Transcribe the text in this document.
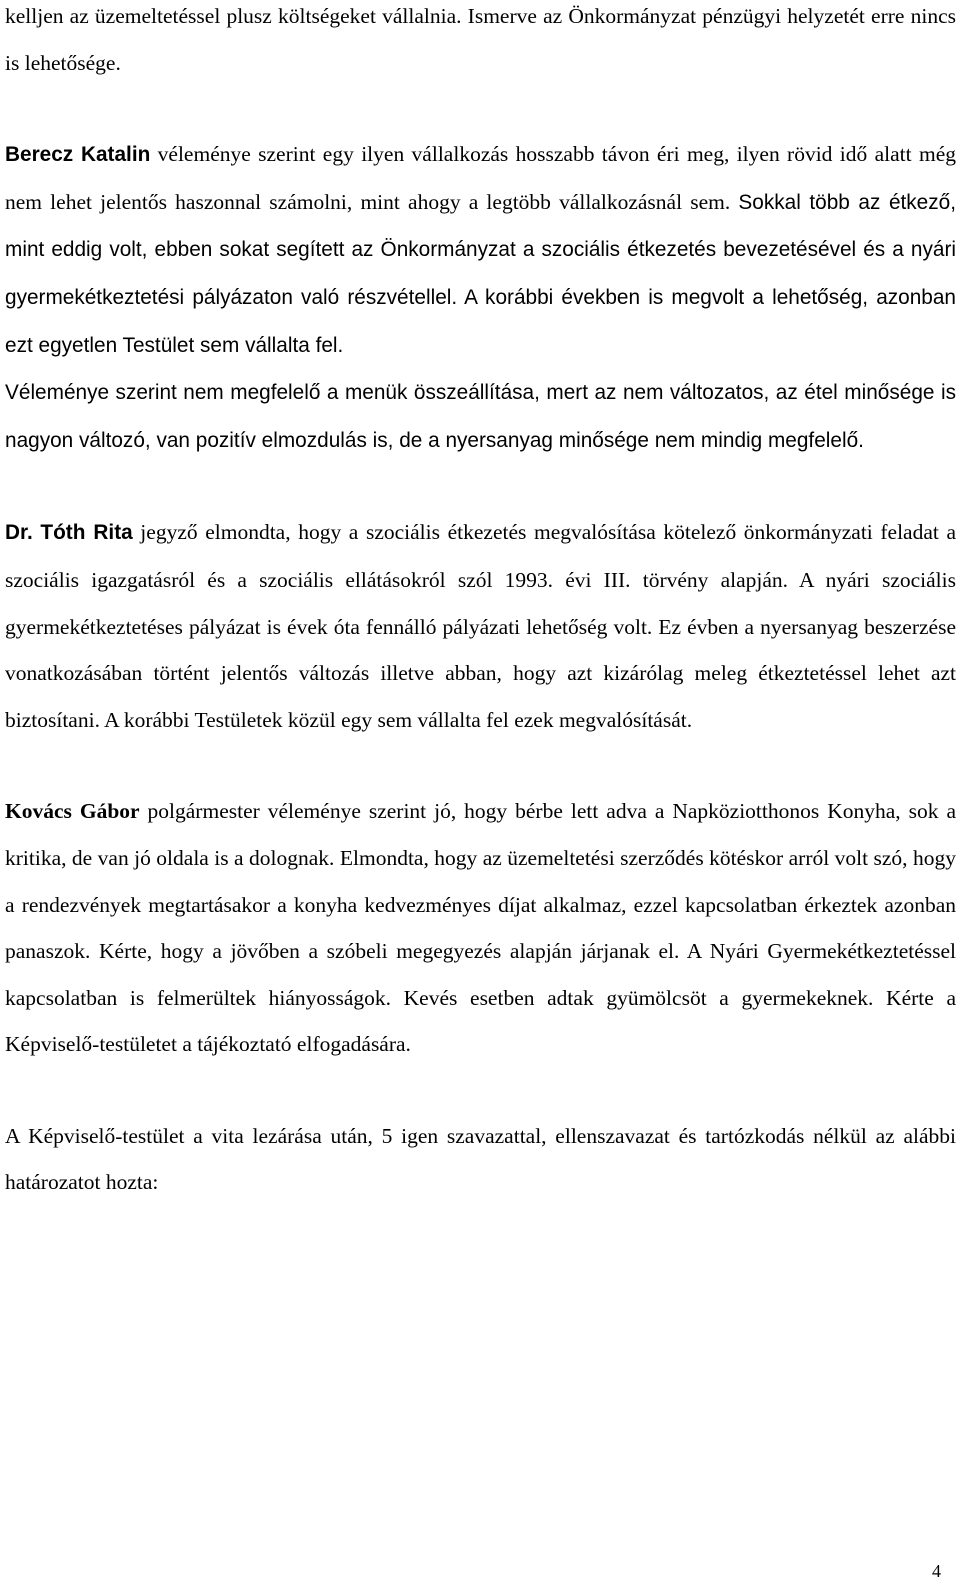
kelljen az üzemeltetéssel plusz költségeket vállalnia. Ismerve az Önkormányzat pénzügyi helyzetét erre nincs is lehetősége.

Berecz Katalin véleménye szerint egy ilyen vállalkozás hosszabb távon éri meg, ilyen rövid idő alatt még nem lehet jelentős haszonnal számolni, mint ahogy a legtöbb vállalkozásnál sem. Sokkal több az étkező, mint eddig volt, ebben sokat segített az Önkormányzat a szociális étkezetés bevezetésével és a nyári gyermekétkeztetési pályázaton való részvétellel. A korábbi években is megvolt a lehetőség, azonban ezt egyetlen Testület sem vállalta fel.

Véleménye szerint nem megfelelő a menük összeállítása, mert az nem változatos, az étel minősége is nagyon változó, van pozitív elmozdulás is, de a nyersanyag minősége nem mindig megfelelő.

Dr. Tóth Rita jegyző elmondta, hogy a szociális étkezetés megvalósítása kötelező önkormányzati feladat a szociális igazgatásról és a szociális ellátásokról szól 1993. évi III. törvény alapján. A nyári szociális gyermekétkeztetéses pályázat is évek óta fennálló pályázati lehetőség volt. Ez évben a nyersanyag beszerzése vonatkozásában történt jelentős változás illetve abban, hogy azt kizárólag meleg étkeztetéssel lehet azt biztosítani. A korábbi Testületek közül egy sem vállalta fel ezek megvalósítását.

Kovács Gábor polgármester véleménye szerint jó, hogy bérbe lett adva a Napköziotthonos Konyha, sok a kritika, de van jó oldala is a dolognak. Elmondta, hogy az üzemeltetési szerződés kötéskor arról volt szó, hogy a rendezvények megtartásakor a konyha kedvezményes díjat alkalmaz, ezzel kapcsolatban érkeztek azonban panaszok. Kérte, hogy a jövőben a szóbeli megegyezés alapján járjanak el. A Nyári Gyermekétkeztetéssel kapcsolatban is felmerültek hiányosságok. Kevés esetben adtak gyümölcsöt a gyermekeknek. Kérte a Képviselő-testületet a tájékoztató elfogadására.

A Képviselő-testület a vita lezárása után, 5 igen szavazattal, ellenszavazat és tartózkodás nélkül az alábbi határozatot hozta:

4
